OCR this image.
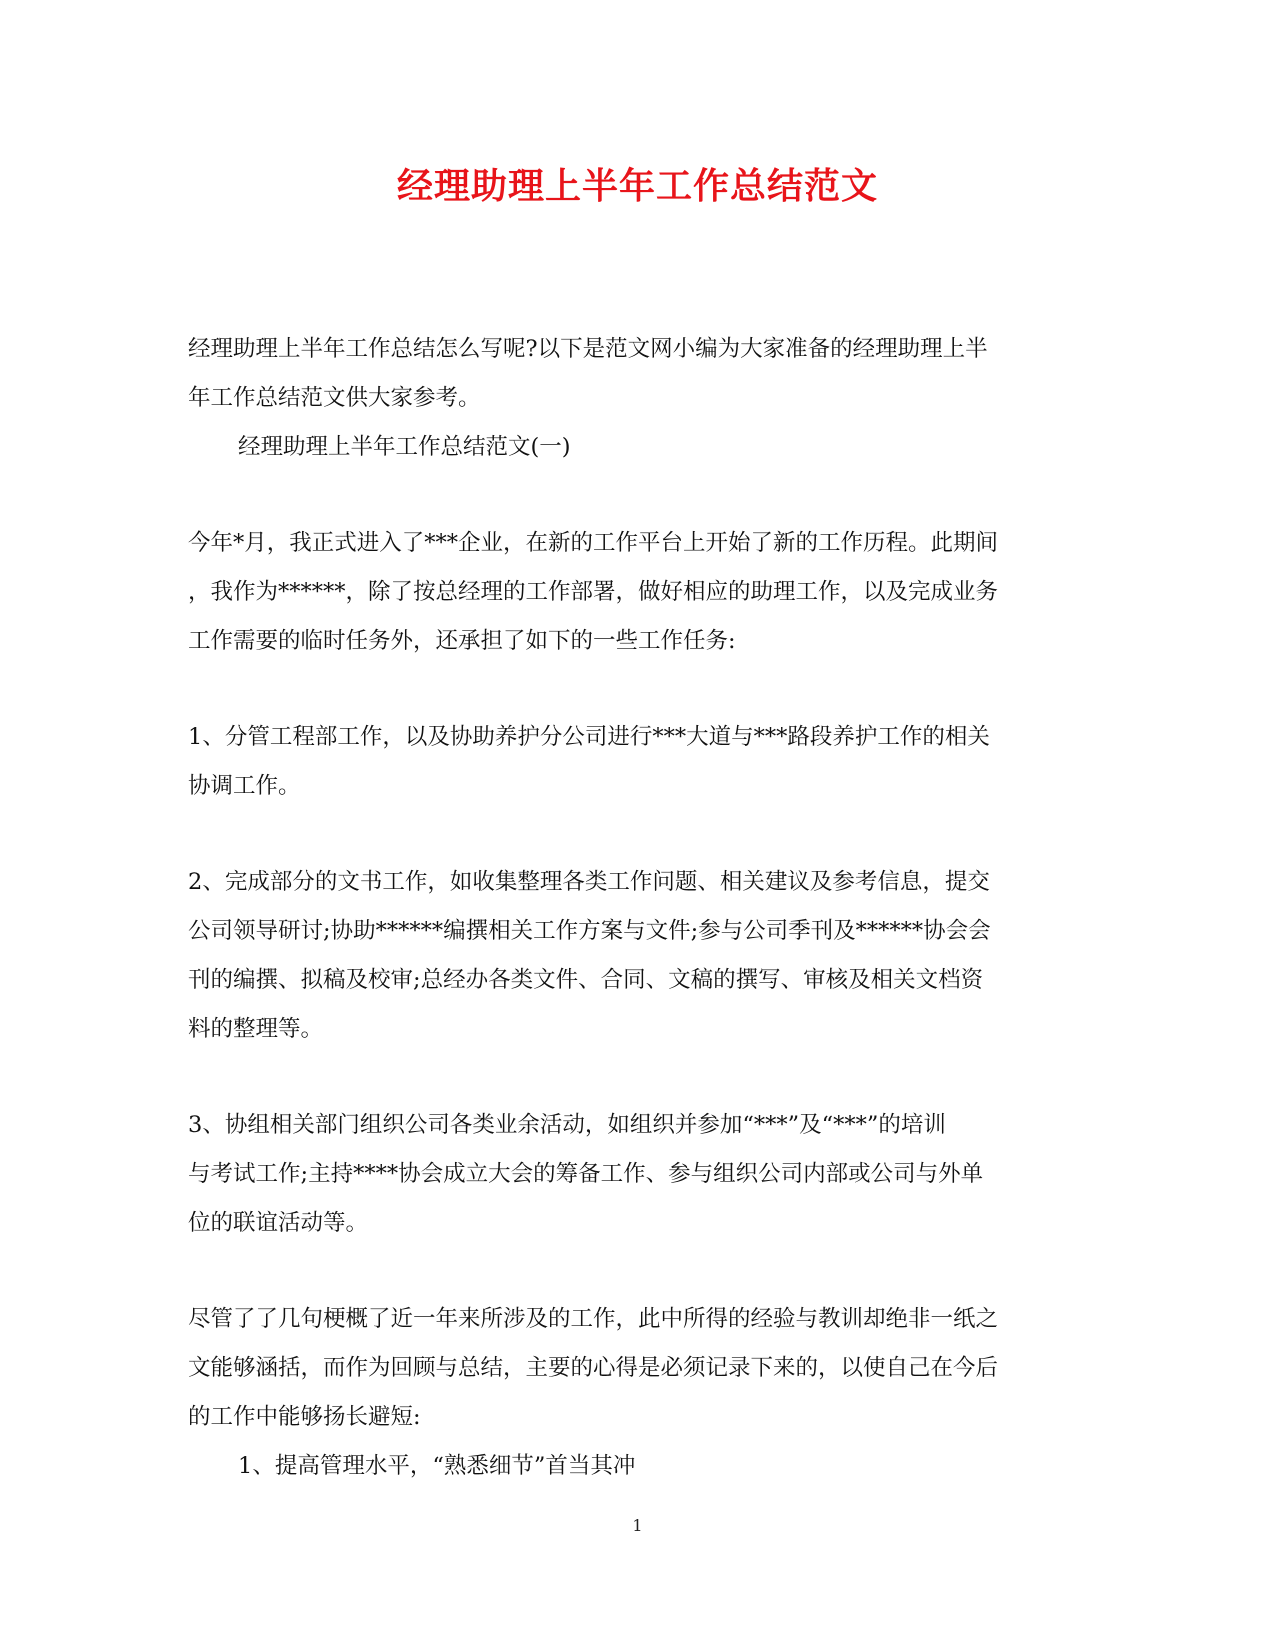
经理助理上半年工作总结范文

经理助理上半年工作总结怎么写呢?以下是范文网小编为大家准备的经理助理上半
年工作总结范文供大家参考。

经理助理上半年工作总结范文(一)

今年*月，我正式进入了***企业，在新的工作平台上开始了新的工作历程。此期间
，我作为******，除了按总经理的工作部署，做好相应的助理工作，以及完成业务
工作需要的临时任务外，还承担了如下的一些工作任务:

1、分管工程部工作，以及协助养护分公司进行***大道与***路段养护工作的相关
协调工作。

2、完成部分的文书工作，如收集整理各类工作问题、相关建议及参考信息，提交
公司领导研讨;协助******编撰相关工作方案与文件;参与公司季刊及******协会会
刊的编撰、拟稿及校审;总经办各类文件、合同、文稿的撰写、审核及相关文档资
料的整理等。

3、协组相关部门组织公司各类业余活动，如组织并参加“***”及“***”的培训
与考试工作;主持****协会成立大会的筹备工作、参与组织公司内部或公司与外单
位的联谊活动等。

尽管了了几句梗概了近一年来所涉及的工作，此中所得的经验与教训却绝非一纸之
文能够涵括，而作为回顾与总结，主要的心得是必须记录下来的，以使自己在今后
的工作中能够扬长避短:

1、提高管理水平，“熟悉细节”首当其冲

1
